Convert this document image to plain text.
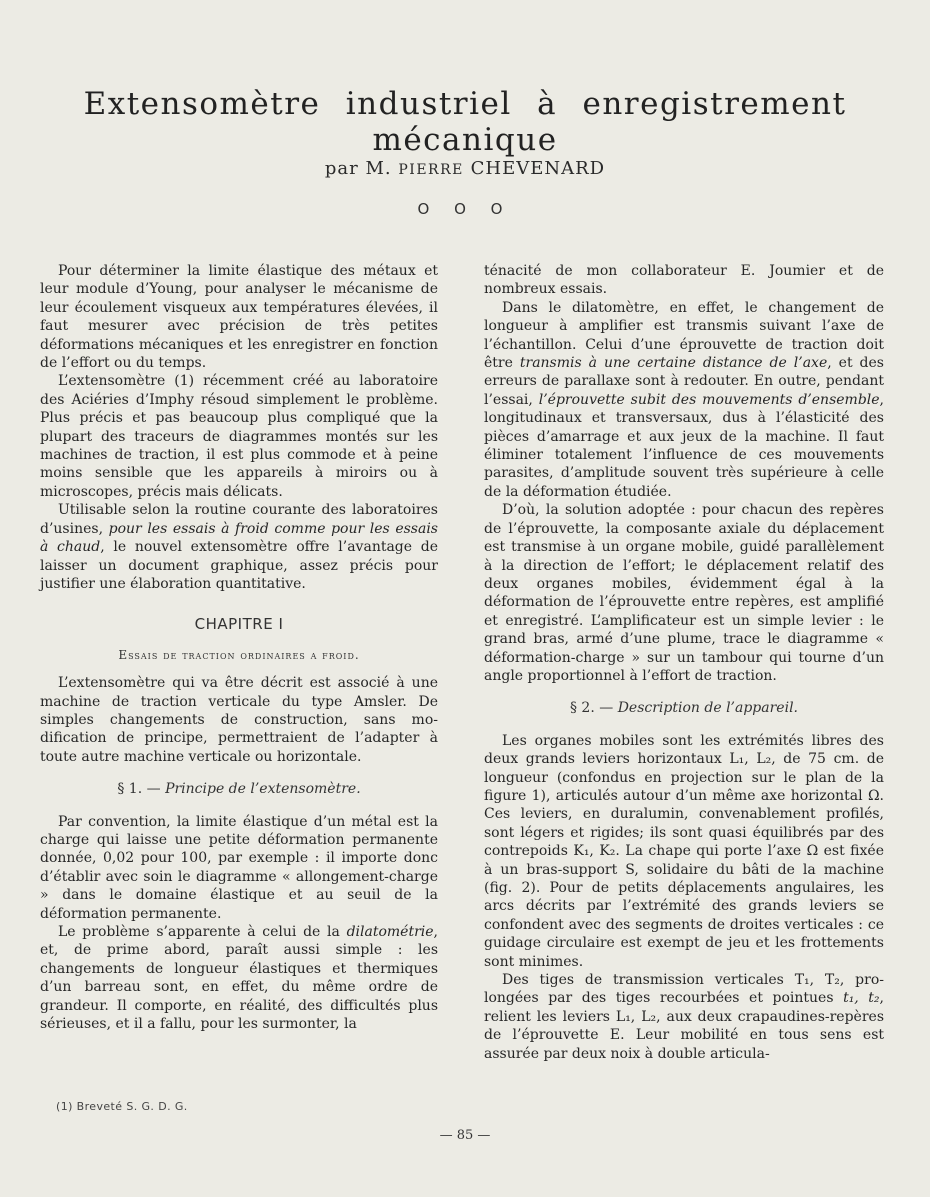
Extensomètre industriel à enregistrement mécanique
par M. PIERRE CHEVENARD
O O O

Pour déterminer la limite élastique des métaux et leur module d’Young, pour analyser le mécanisme de leur écoulement visqueux aux températures élevées, il faut mesurer avec précision de très petites déformations mécaniques et les enregistrer en fonction de l’effort ou du temps.

L’extensomètre (1) récemment créé au laboratoire des Aciéries d’Imphy résoud simplement le problème. Plus précis et pas beaucoup plus compliqué que la plupart des traceurs de diagrammes montés sur les machines de traction, il est plus commode et à peine moins sensible que les appareils à miroirs ou à microscopes, précis mais délicats.

Utilisable selon la routine courante des laboratoires d’usines, pour les essais à froid comme pour les essais à chaud, le nouvel extensomètre offre l’avantage de laisser un document graphique, assez précis pour justifier une élaboration quantitative.

CHAPITRE I
Essais de traction ordinaires a froid.

L’extensomètre qui va être décrit est associé à une machine de traction verticale du type Amsler. De simples changements de construction, sans modification de principe, permettraient de l’adapter à toute autre machine verticale ou horizontale.

§ 1. — Principe de l’extensomètre.

Par convention, la limite élastique d’un métal est la charge qui laisse une petite déformation permanente donnée, 0,02 pour 100, par exemple : il importe donc d’établir avec soin le diagramme « allongement-charge » dans le domaine élastique et au seuil de la déformation permanente.

Le problème s’apparente à celui de la dilatométrie, et, de prime abord, paraît aussi simple : les changements de longueur élastiques et thermiques d’un barreau sont, en effet, du même ordre de grandeur. Il comporte, en réalité, des difficultés plus sérieuses, et il a fallu, pour les surmonter, la

ténacité de mon collaborateur E. Joumier et de nombreux essais.

Dans le dilatomètre, en effet, le changement de longueur à amplifier est transmis suivant l’axe de l’échantillon. Celui d’une éprouvette de traction doit être transmis à une certaine distance de l’axe, et des erreurs de parallaxe sont à redouter. En outre, pendant l’essai, l’éprouvette subit des mouvements d’ensemble, longitudinaux et transversaux, dus à l’élasticité des pièces d’amarrage et aux jeux de la machine. Il faut éliminer totalement l’influence de ces mouvements parasites, d’amplitude souvent très supérieure à celle de la déformation étudiée.

D’où, la solution adoptée : pour chacun des repères de l’éprouvette, la composante axiale du déplacement est transmise à un organe mobile, guidé parallèlement à la direction de l’effort; le déplacement relatif des deux organes mobiles, évidemment égal à la déformation de l’éprouvette entre repères, est amplifié et enregistré. L’amplificateur est un simple levier : le grand bras, armé d’une plume, trace le diagramme « déformation-charge » sur un tambour qui tourne d’un angle proportionnel à l’effort de traction.

§ 2. — Description de l’appareil.

Les organes mobiles sont les extrémités libres des deux grands leviers horizontaux L₁, L₂, de 75 cm. de longueur (confondus en projection sur le plan de la figure 1), articulés autour d’un même axe horizontal Ω. Ces leviers, en duralumin, convenablement profilés, sont légers et rigides; ils sont quasi équilibrés par des contrepoids K₁, K₂. La chape qui porte l’axe Ω est fixée à un bras-support S, solidaire du bâti de la machine (fig. 2). Pour de petits déplacements angulaires, les arcs décrits par l’extrémité des grands leviers se confondent avec des segments de droites verticales : ce guidage circulaire est exempt de jeu et les frottements sont minimes.

Des tiges de transmission verticales T₁, T₂, prolongées par des tiges recourbées et pointues t₁, t₂, relient les leviers L₁, L₂, aux deux crapaudines-repères de l’éprouvette E. Leur mobilité en tous sens est assurée par deux noix à double articula-

(1) Breveté S. G. D. G.
— 85 —
